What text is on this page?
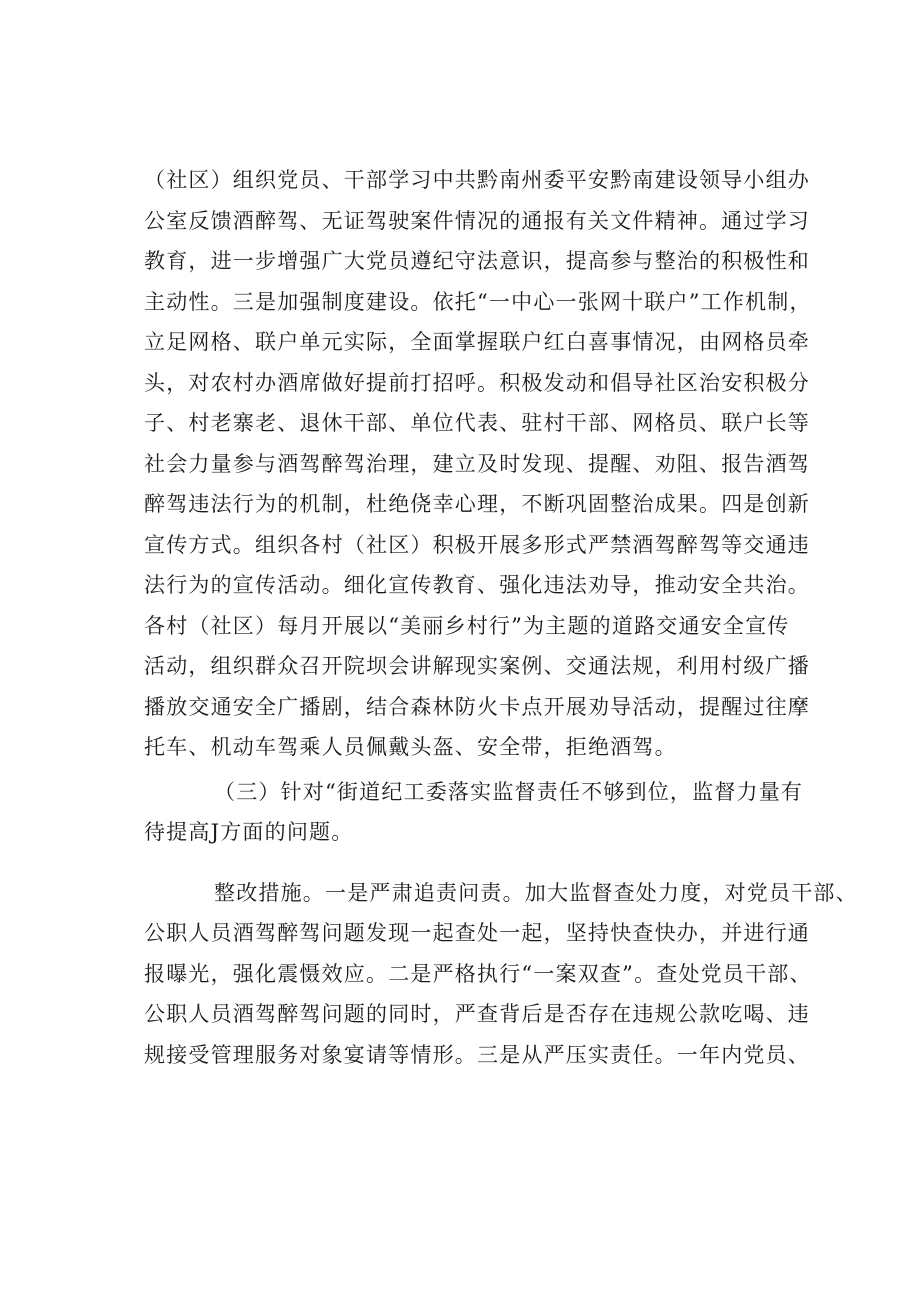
（社区）组织党员、干部学习中共黔南州委平安黔南建设领导小组办
公室反馈酒醉驾、无证驾驶案件情况的通报有关文件精神。通过学习
教育，进一步增强广大党员遵纪守法意识，提高参与整治的积极性和
主动性。三是加强制度建设。依托“一中心一张网十联户”工作机制，
立足网格、联户单元实际，全面掌握联户红白喜事情况，由网格员牵
头，对农村办酒席做好提前打招呼。积极发动和倡导社区治安积极分
子、村老寨老、退休干部、单位代表、驻村干部、网格员、联户长等
社会力量参与酒驾醉驾治理，建立及时发现、提醒、劝阻、报告酒驾
醉驾违法行为的机制，杜绝侥幸心理，不断巩固整治成果。四是创新
宣传方式。组织各村（社区）积极开展多形式严禁酒驾醉驾等交通违
法行为的宣传活动。细化宣传教育、强化违法劝导，推动安全共治。
各村（社区）每月开展以“美丽乡村行”为主题的道路交通安全宣传
活动，组织群众召开院坝会讲解现实案例、交通法规，利用村级广播
播放交通安全广播剧，结合森林防火卡点开展劝导活动，提醒过往摩
托车、机动车驾乘人员佩戴头盔、安全带，拒绝酒驾。
（三）针对“街道纪工委落实监督责任不够到位，监督力量有
待提高J方面的问题。
整改措施。一是严肃追责问责。加大监督查处力度，对党员干部、
公职人员酒驾醉驾问题发现一起查处一起，坚持快查快办，并进行通
报曝光，强化震慑效应。二是严格执行“一案双查”。查处党员干部、
公职人员酒驾醉驾问题的同时，严查背后是否存在违规公款吃喝、违
规接受管理服务对象宴请等情形。三是从严压实责任。一年内党员、
